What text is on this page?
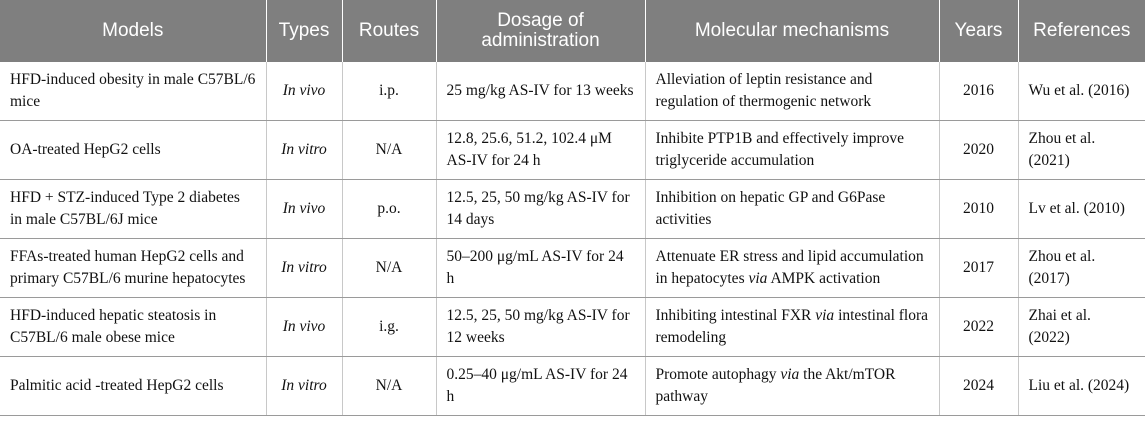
Models	Types	Routes	Dosage of administration	Molecular mechanisms	Years	References
HFD-induced obesity in male C57BL/6 mice	In vivo	i.p.	25 mg/kg AS-IV for 13 weeks	Alleviation of leptin resistance and regulation of thermogenic network	2016	Wu et al. (2016)
OA-treated HepG2 cells	In vitro	N/A	12.8, 25.6, 51.2, 102.4 μM AS-IV for 24 h	Inhibite PTP1B and effectively improve triglyceride accumulation	2020	Zhou et al. (2021)
HFD + STZ-induced Type 2 diabetes in male C57BL/6J mice	In vivo	p.o.	12.5, 25, 50 mg/kg AS-IV for 14 days	Inhibition on hepatic GP and G6Pase activities	2010	Lv et al. (2010)
FFAs-treated human HepG2 cells and primary C57BL/6 murine hepatocytes	In vitro	N/A	50–200 μg/mL AS-IV for 24 h	Attenuate ER stress and lipid accumulation in hepatocytes via AMPK activation	2017	Zhou et al. (2017)
HFD-induced hepatic steatosis in C57BL/6 male obese mice	In vivo	i.g.	12.5, 25, 50 mg/kg AS-IV for 12 weeks	Inhibiting intestinal FXR via intestinal flora remodeling	2022	Zhai et al. (2022)
Palmitic acid -treated HepG2 cells	In vitro	N/A	0.25–40 μg/mL AS-IV for 24 h	Promote autophagy via the Akt/mTOR pathway	2024	Liu et al. (2024)
